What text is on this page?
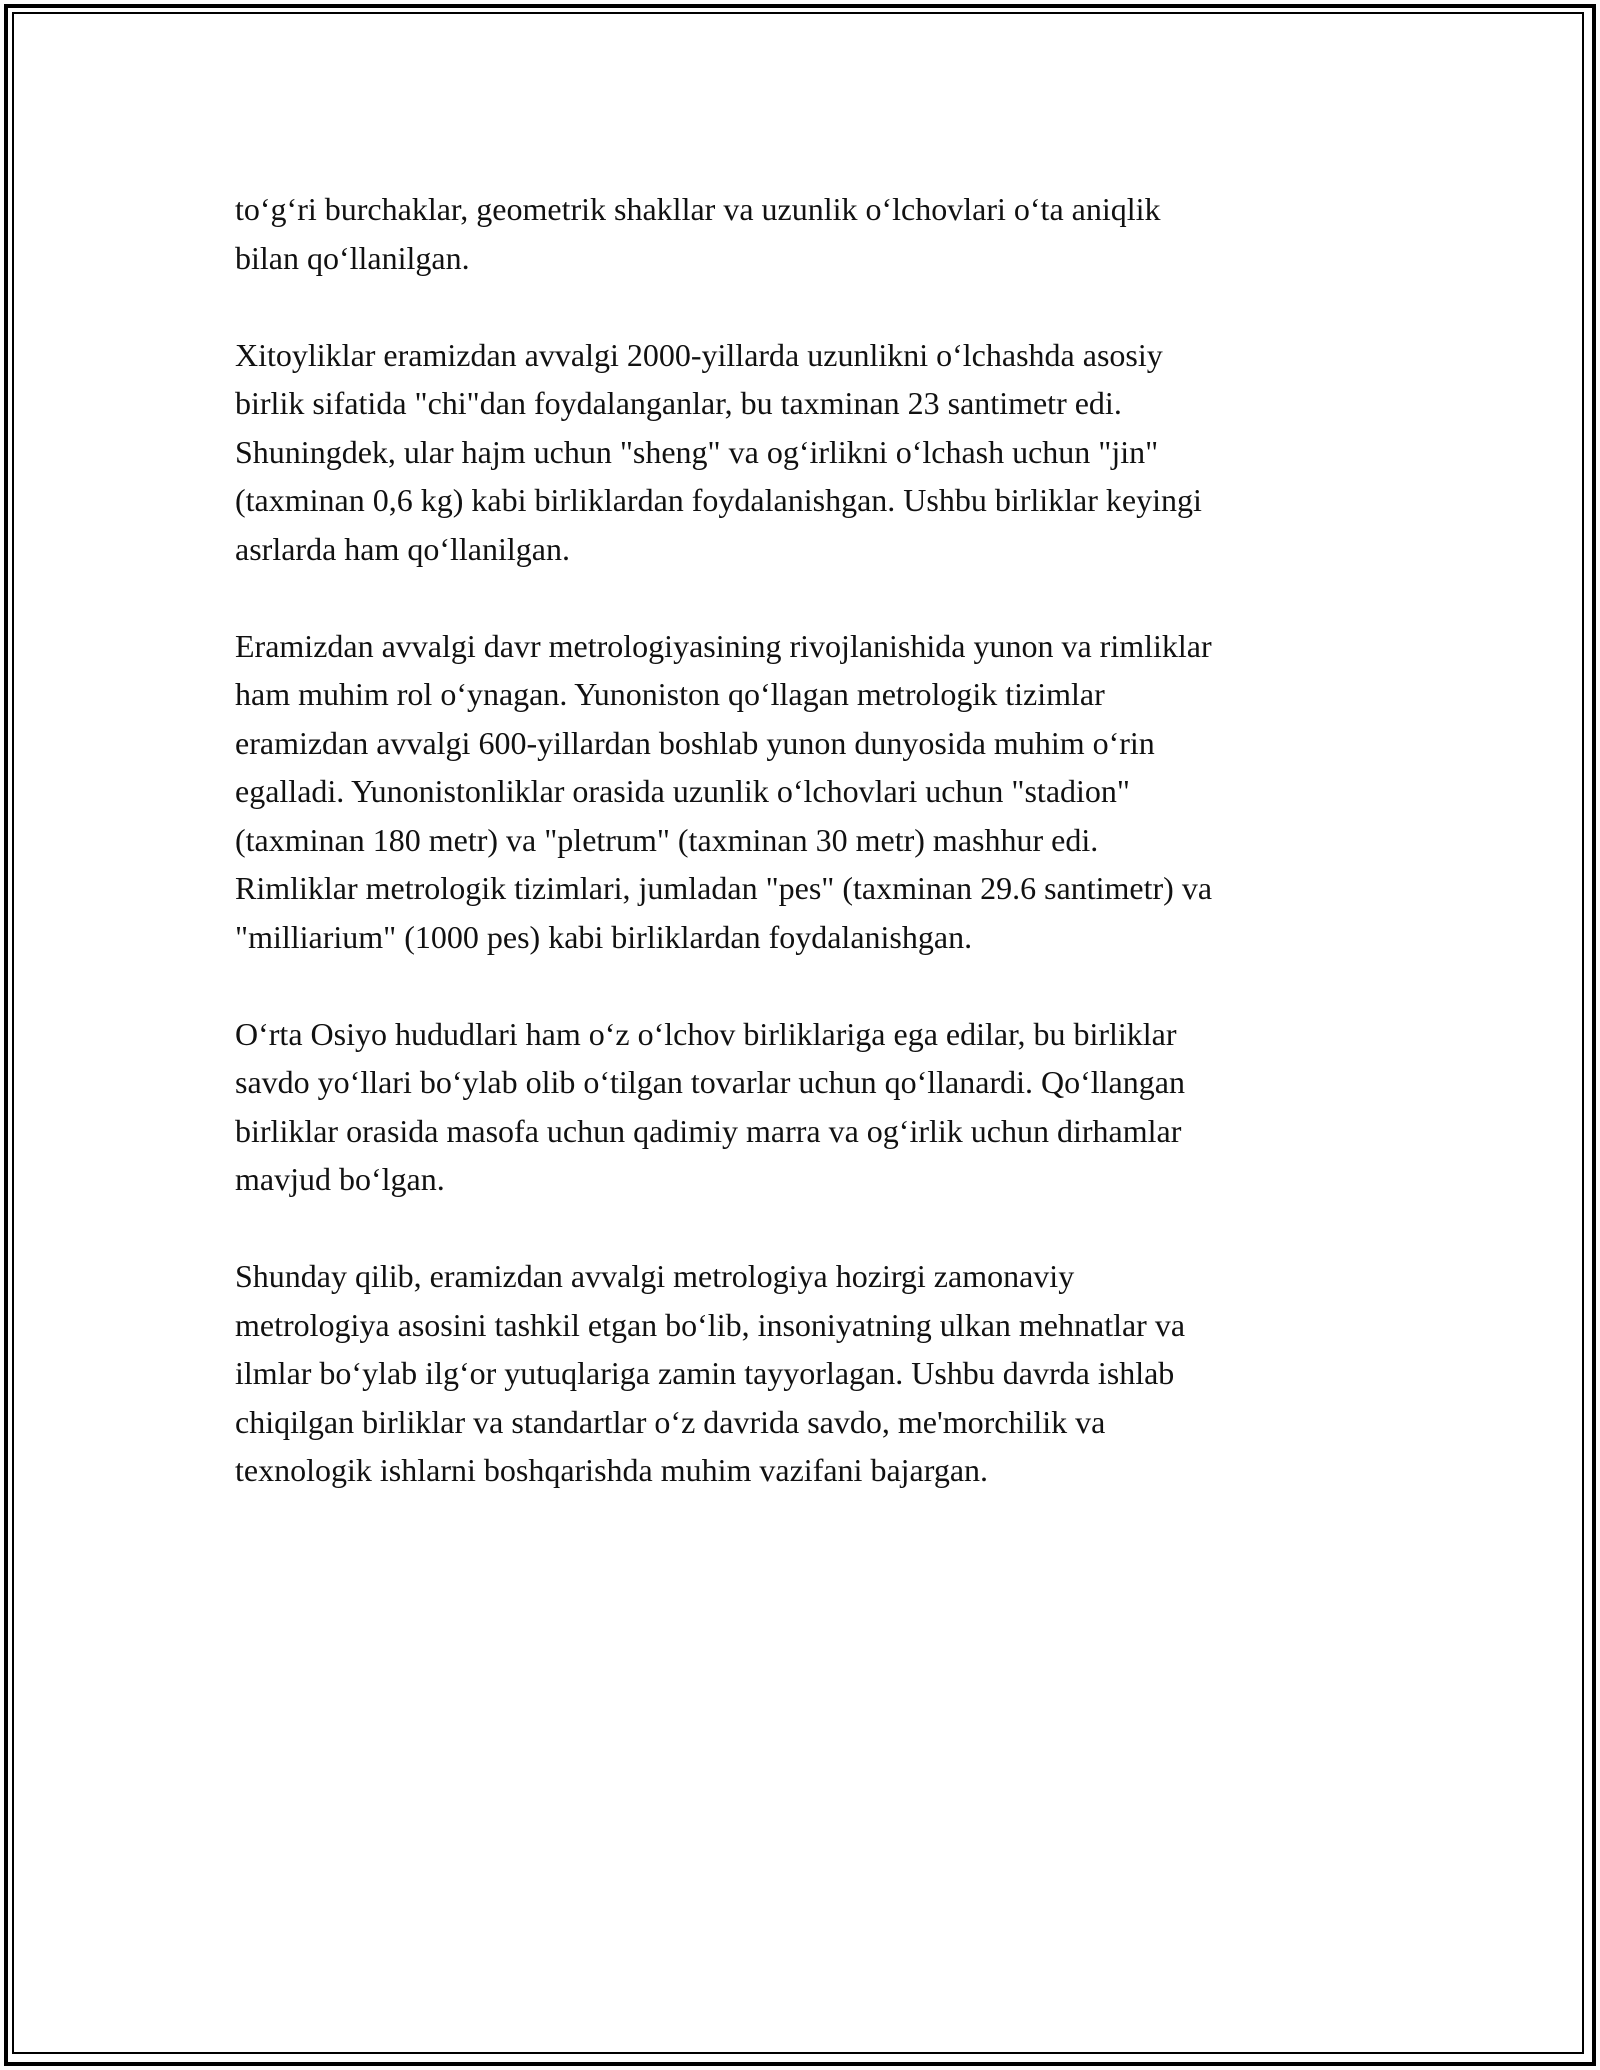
to‘g‘ri burchaklar, geometrik shakllar va uzunlik o‘lchovlari o‘ta aniqlik
bilan qo‘llanilgan.

Xitoyliklar eramizdan avvalgi 2000-yillarda uzunlikni o‘lchashda asosiy
birlik sifatida "chi"dan foydalanganlar, bu taxminan 23 santimetr edi.
Shuningdek, ular hajm uchun "sheng" va og‘irlikni o‘lchash uchun "jin"
(taxminan 0,6 kg) kabi birliklardan foydalanishgan. Ushbu birliklar keyingi
asrlarda ham qo‘llanilgan.

Eramizdan avvalgi davr metrologiyasining rivojlanishida yunon va rimliklar
ham muhim rol o‘ynagan. Yunoniston qo‘llagan metrologik tizimlar
eramizdan avvalgi 600-yillardan boshlab yunon dunyosida muhim o‘rin
egalladi. Yunonistonliklar orasida uzunlik o‘lchovlari uchun "stadion"
(taxminan 180 metr) va "pletrum" (taxminan 30 metr) mashhur edi.
Rimliklar metrologik tizimlari, jumladan "pes" (taxminan 29.6 santimetr) va
"milliarium" (1000 pes) kabi birliklardan foydalanishgan.

O‘rta Osiyo hududlari ham o‘z o‘lchov birliklariga ega edilar, bu birliklar
savdo yo‘llari bo‘ylab olib o‘tilgan tovarlar uchun qo‘llanardi. Qo‘llangan
birliklar orasida masofa uchun qadimiy marra va og‘irlik uchun dirhamlar
mavjud bo‘lgan.

Shunday qilib, eramizdan avvalgi metrologiya hozirgi zamonaviy
metrologiya asosini tashkil etgan bo‘lib, insoniyatning ulkan mehnatlar va
ilmlar bo‘ylab ilg‘or yutuqlariga zamin tayyorlagan. Ushbu davrda ishlab
chiqilgan birliklar va standartlar o‘z davrida savdo, me'morchilik va
texnologik ishlarni boshqarishda muhim vazifani bajargan.
